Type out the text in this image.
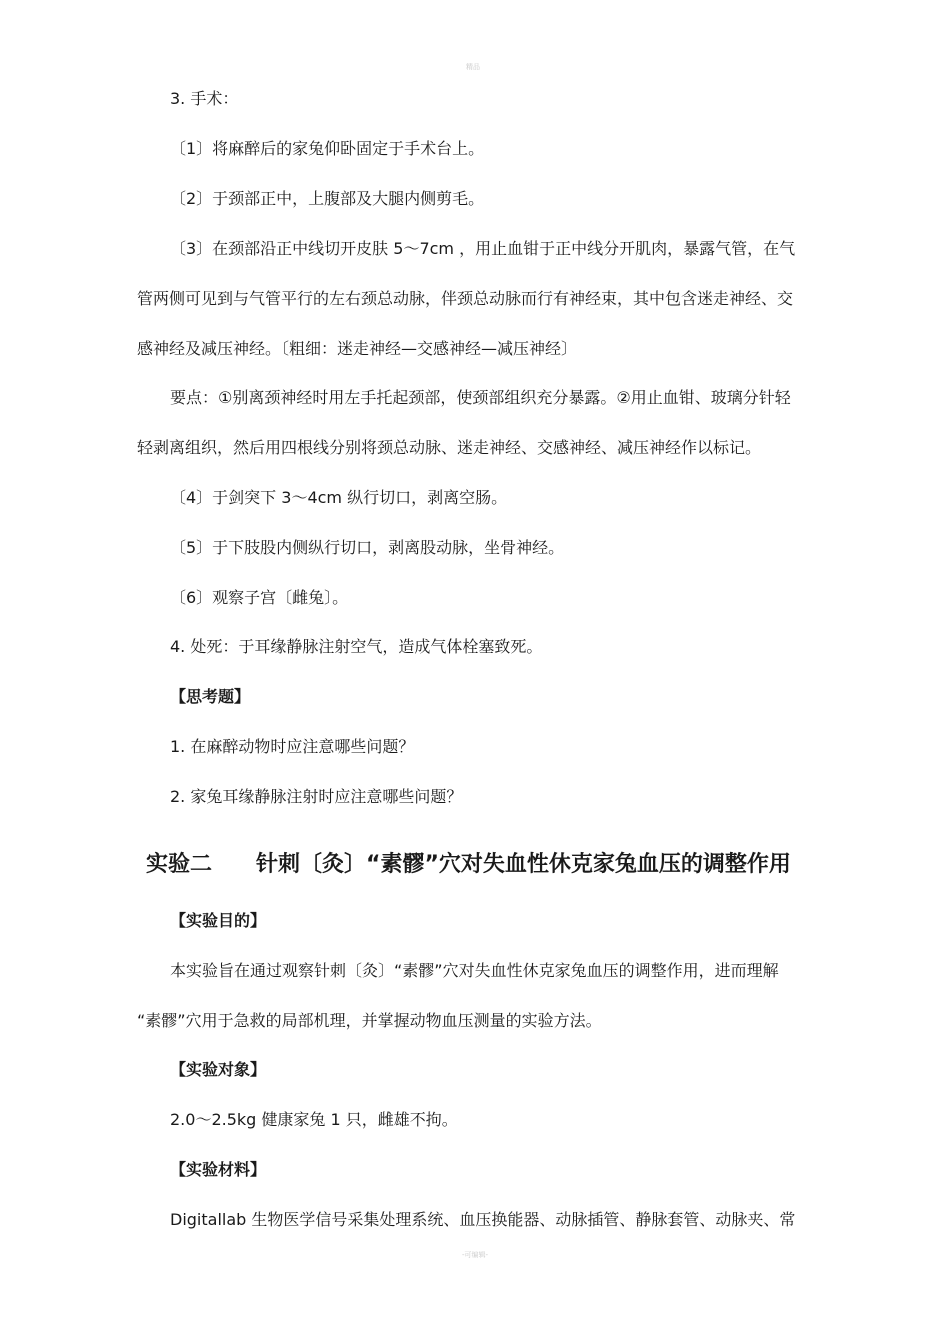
精品
3. 手术：
〔1〕将麻醉后的家兔仰卧固定于手术台上。
〔2〕于颈部正中，上腹部及大腿内侧剪毛。
〔3〕在颈部沿正中线切开皮肤 5～7cm ，用止血钳于正中线分开肌肉，暴露气管，在气
管两侧可见到与气管平行的左右颈总动脉，伴颈总动脉而行有神经束，其中包含迷走神经、交
感神经及减压神经。〔粗细：迷走神经—交感神经—减压神经〕
要点：①别离颈神经时用左手托起颈部，使颈部组织充分暴露。②用止血钳、玻璃分针轻
轻剥离组织，然后用四根线分别将颈总动脉、迷走神经、交感神经、减压神经作以标记。
〔4〕于剑突下 3～4cm 纵行切口，剥离空肠。
〔5〕于下肢股内侧纵行切口，剥离股动脉，坐骨神经。
〔6〕观察子宫〔雌兔〕。
4. 处死：于耳缘静脉注射空气，造成气体栓塞致死。
【思考题】
1. 在麻醉动物时应注意哪些问题？
2. 家兔耳缘静脉注射时应注意哪些问题？
实验二 针刺〔灸〕“素髎”穴对失血性休克家兔血压的调整作用
【实验目的】
本实验旨在通过观察针刺〔灸〕“素髎”穴对失血性休克家兔血压的调整作用，进而理解
“素髎”穴用于急救的局部机理，并掌握动物血压测量的实验方法。
【实验对象】
2.0～2.5kg 健康家兔 1 只，雌雄不拘。
【实验材料】
Digitallab 生物医学信号采集处理系统、血压换能器、动脉插管、静脉套管、动脉夹、常
-可编辑-
